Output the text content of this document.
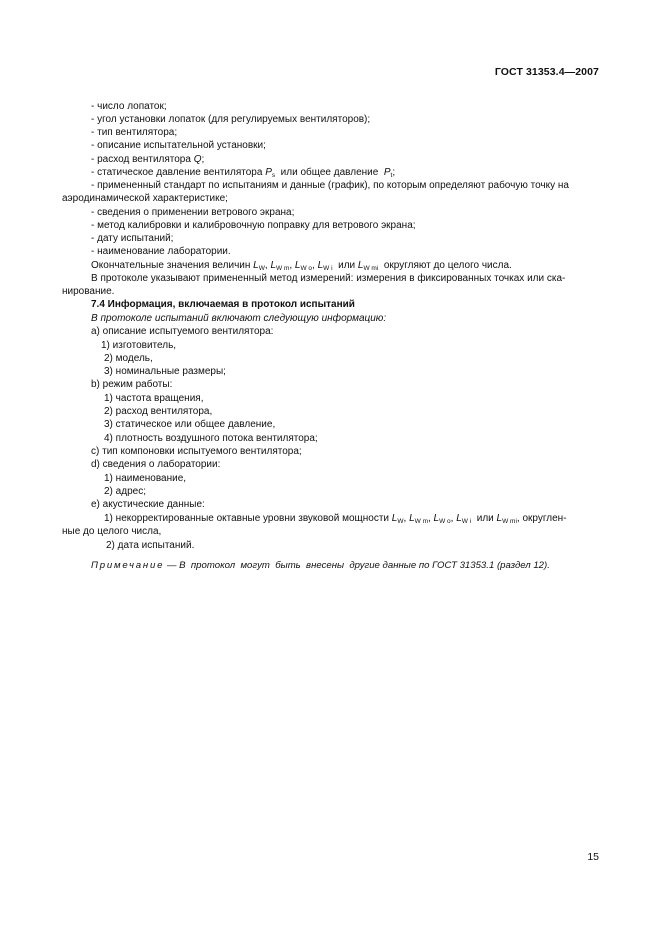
ГОСТ 31353.4—2007
- число лопаток;
- угол установки лопаток (для регулируемых вентиляторов);
- тип вентилятора;
- описание испытательной установки;
- расход вентилятора Q;
- статическое давление вентилятора $P_s$  или общее давление  $P_t$;
- примененный стандарт по испытаниям и данные (график), по которым определяют рабочую точку на
аэродинамической характеристике;
- сведения о применении ветрового экрана;
- метод калибровки и калибровочную поправку для ветрового экрана;
- дату испытаний;
- наименование лаборатории.
Окончательные значения величин $L_W$, $L_{W m}$, $L_{W o}$, $L_{W i}$  или $L_{W mi}$  округляют до целого числа.
В протоколе указывают примененный метод измерений: измерения в фиксированных точках или ска-
нирование.
7.4 Информация, включаемая в протокол испытаний
В протоколе испытаний включают следующую информацию:
а) описание испытуемого вентилятора:
1) изготовитель,
2) модель,
3) номинальные размеры;
b) режим работы:
1) частота вращения,
2) расход вентилятора,
3) статическое или общее давление,
4) плотность воздушного потока вентилятора;
c) тип компоновки испытуемого вентилятора;
d) сведения о лаборатории:
1) наименование,
2) адрес;
e) акустические данные:
1) некорректированные октавные уровни звуковой мощности $L_W$, $L_{W m}$, $L_{W o}$, $L_{W i}$  или $L_{W mi}$, округлен-
ные до целого числа,
2) дата испытаний.
Примечание — В  протокол  могут  быть  внесены  другие данные по ГОСТ 31353.1 (раздел 12).
15
